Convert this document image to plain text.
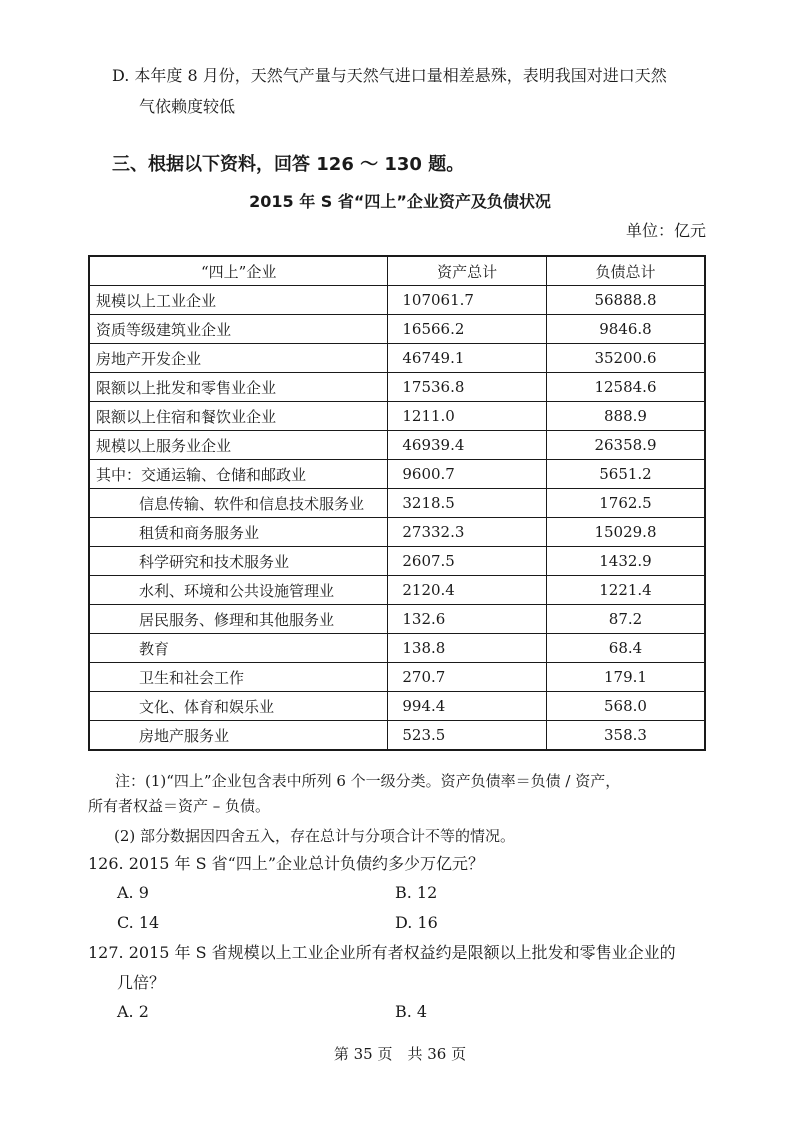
D. 本年度 8 月份，天然气产量与天然气进口量相差悬殊，表明我国对进口天然
气依赖度较低
三、根据以下资料，回答 126 ～ 130 题。
2015 年 S 省“四上”企业资产及负债状况
单位：亿元
“四上”企业	资产总计	负债总计
规模以上工业企业	107061.7	56888.8
资质等级建筑业企业	16566.2	9846.8
房地产开发企业	46749.1	35200.6
限额以上批发和零售业企业	17536.8	12584.6
限额以上住宿和餐饮业企业	1211.0	888.9
规模以上服务业企业	46939.4	26358.9
其中：交通运输、仓储和邮政业	9600.7	5651.2
信息传输、软件和信息技术服务业	3218.5	1762.5
租赁和商务服务业	27332.3	15029.8
科学研究和技术服务业	2607.5	1432.9
水利、环境和公共设施管理业	2120.4	1221.4
居民服务、修理和其他服务业	132.6	87.2
教育	138.8	68.4
卫生和社会工作	270.7	179.1
文化、体育和娱乐业	994.4	568.0
房地产服务业	523.5	358.3
注：(1)“四上”企业包含表中所列 6 个一级分类。资产负债率＝负债 / 资产，
所有者权益＝资产 – 负债。
(2) 部分数据因四舍五入，存在总计与分项合计不等的情况。
126. 2015 年 S 省“四上”企业总计负债约多少万亿元？
A. 9	B. 12
C. 14	D. 16
127. 2015 年 S 省规模以上工业企业所有者权益约是限额以上批发和零售业企业的
几倍？
A. 2	B. 4
第 35 页　共 36 页
